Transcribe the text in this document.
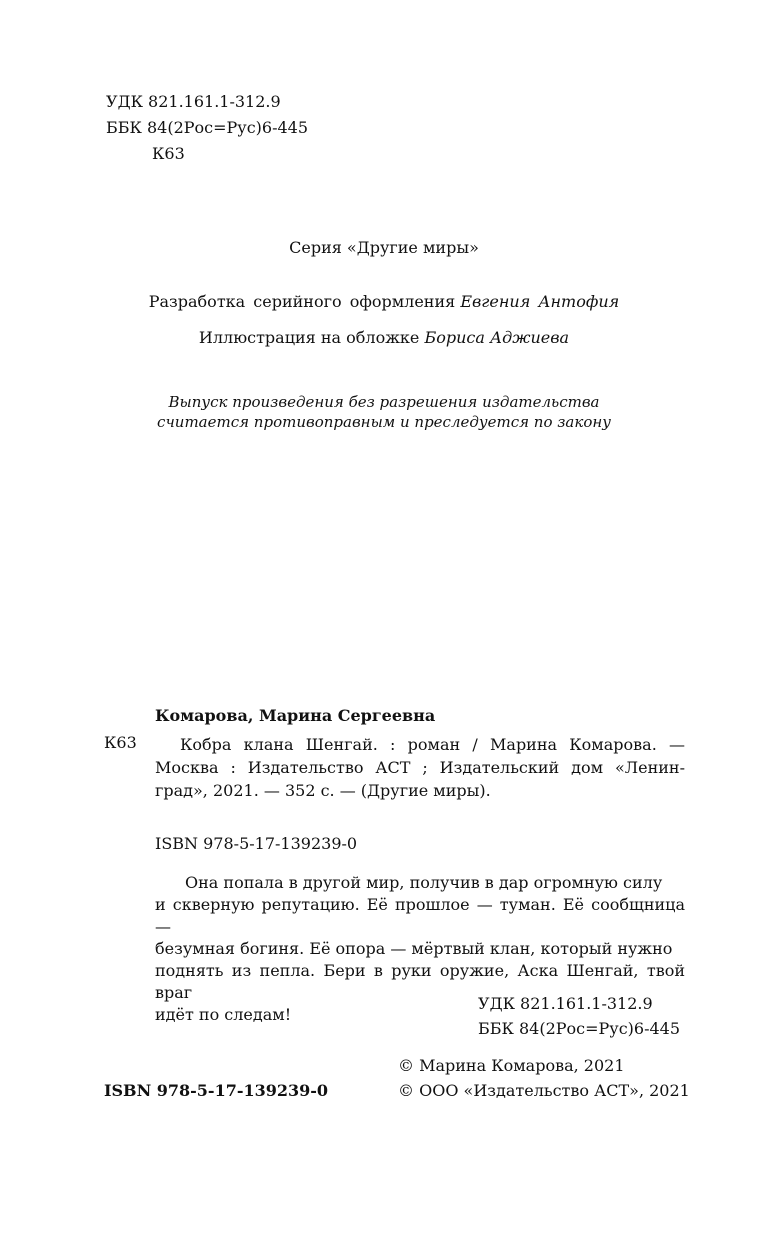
УДК 821.161.1-312.9
ББК 84(2Рос=Рус)6-445
К63
Серия «Другие миры»
Разработка серийного оформления Евгения Антофия
Иллюстрация на обложке Бориса Аджиева
Выпуск произведения без разрешения издательства
считается противоправным и преследуется по закону
Комарова, Марина Сергеевна
К63	Кобра клана Шенгай. : роман / Марина Комарова. —
Москва : Издательство АСТ ; Издательский дом «Ленин-
град», 2021. — 352 с. — (Другие миры).
ISBN 978-5-17-139239-0

Она попала в другой мир, получив в дар огромную силу

и скверную репутацию. Её прошлое — туман. Её сообщница —

безумная богиня. Её опора — мёртвый клан, который нужно

поднять из пепла. Бери в руки оружие, Аска Шенгай, твой враг

идёт по следам!

УДК 821.161.1-312.9
ББК 84(2Рос=Рус)6-445
© Марина Комарова, 2021
© ООО «Издательство АСТ», 2021
ISBN 978-5-17-139239-0
